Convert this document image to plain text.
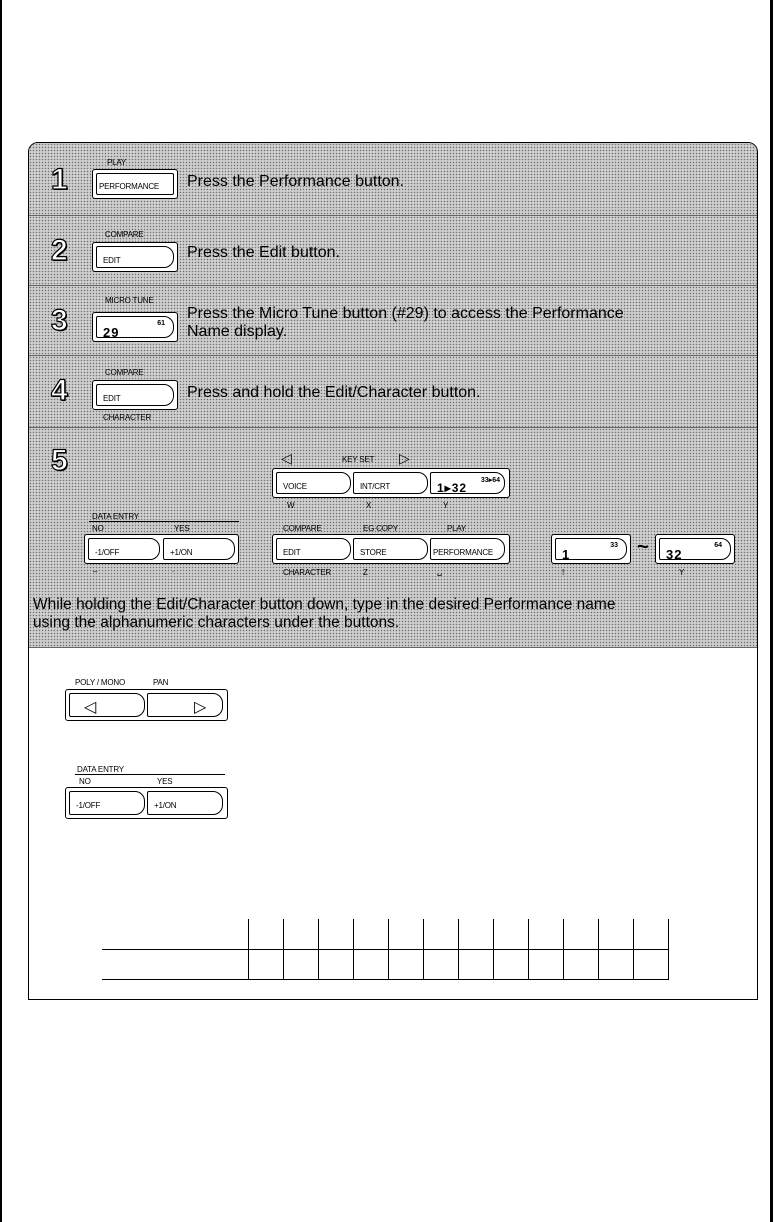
1
PLAY
PERFORMANCE Press the Performance button.
2	COMPARE
EDIT	Press the Edit button.
3
MICRO TUNE
29
61
Press the Micro Tune button (#29) to access the Performance
Name display.
4
COMPARE
EDIT
CHARACTER
Press and hold the Edit/Character button.
5	◁	KEY SET ▷
VOICE	INT/CRT	1▸32
33▸64
W	X	Y
DATA ENTRY
NO	YES
-1/OFF	+1/ON
–	.
COMPARE	EG COPY	PLAY
EDIT	STORE	PERFORMANCE
CHARACTER	Z	␣
1
33 ~ 32
64
!	Y
While holding the Edit/Character button down, type in the desired Performance name
using the alphanumeric characters under the buttons.
POLY / MONO	PAN
◁	▷
DATA ENTRY
NO	YES
-1/OFF	+1/ON
